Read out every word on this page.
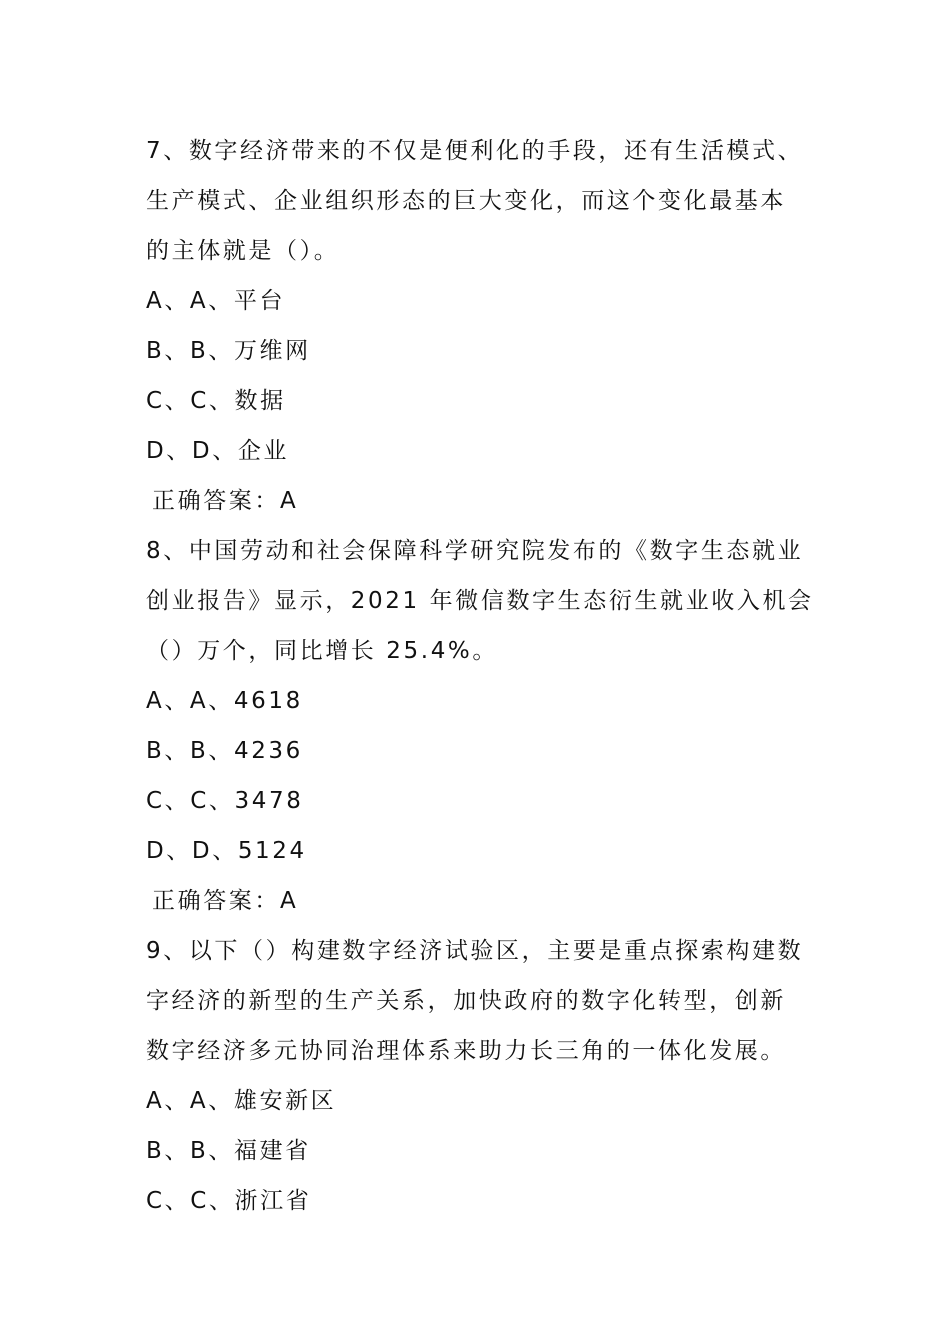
7、数字经济带来的不仅是便利化的手段，还有生活模式、
生产模式、企业组织形态的巨大变化，而这个变化最基本
的主体就是（）。
A、A、平台
B、B、万维网
C、C、数据
D、D、企业
正确答案：A
8、中国劳动和社会保障科学研究院发布的《数字生态就业
创业报告》显示，2021 年微信数字生态衍生就业收入机会
（）万个，同比增长 25.4%。
A、A、4618
B、B、4236
C、C、3478
D、D、5124
正确答案：A
9、以下（）构建数字经济试验区，主要是重点探索构建数
字经济的新型的生产关系，加快政府的数字化转型，创新
数字经济多元协同治理体系来助力长三角的一体化发展。
A、A、雄安新区
B、B、福建省
C、C、浙江省
